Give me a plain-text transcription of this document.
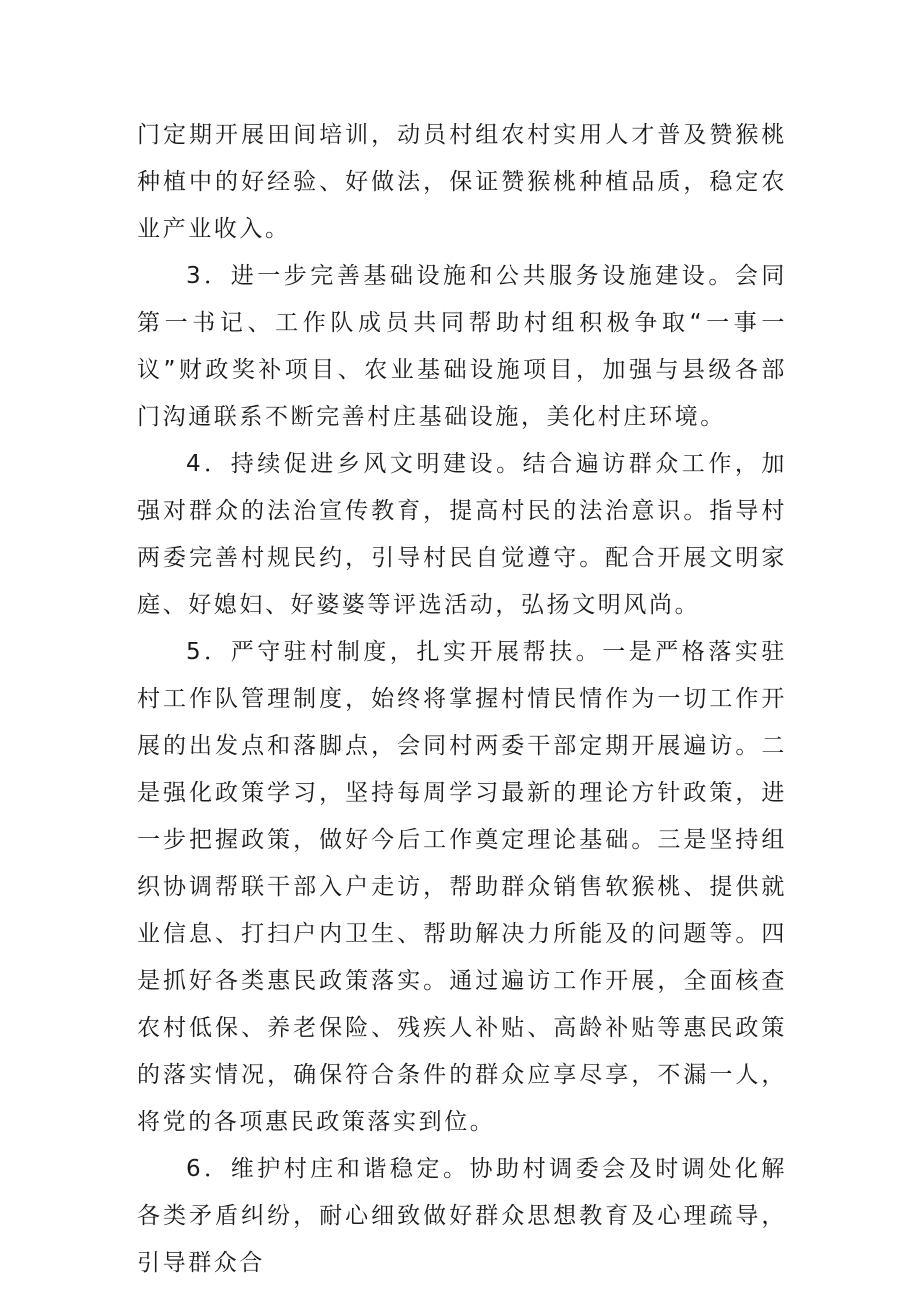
门定期开展田间培训，动员村组农村实用人才普及赞猴桃种植中的好经验、好做法，保证赞猴桃种植品质，稳定农业产业收入。

3．进一步完善基础设施和公共服务设施建设。会同第一书记、工作队成员共同帮助村组积极争取“一事一议”财政奖补项目、农业基础设施项目，加强与县级各部门沟通联系不断完善村庄基础设施，美化村庄环境。

4．持续促进乡风文明建设。结合遍访群众工作，加强对群众的法治宣传教育，提高村民的法治意识。指导村两委完善村规民约，引导村民自觉遵守。配合开展文明家庭、好媳妇、好婆婆等评选活动，弘扬文明风尚。

5．严守驻村制度，扎实开展帮扶。一是严格落实驻村工作队管理制度，始终将掌握村情民情作为一切工作开展的出发点和落脚点，会同村两委干部定期开展遍访。二是强化政策学习，坚持每周学习最新的理论方针政策，进一步把握政策，做好今后工作奠定理论基础。三是坚持组织协调帮联干部入户走访，帮助群众销售软猴桃、提供就业信息、打扫户内卫生、帮助解决力所能及的问题等。四是抓好各类惠民政策落实。通过遍访工作开展，全面核查农村低保、养老保险、残疾人补贴、高龄补贴等惠民政策的落实情况，确保符合条件的群众应享尽享，不漏一人，将党的各项惠民政策落实到位。

6．维护村庄和谐稳定。协助村调委会及时调处化解各类矛盾纠纷，耐心细致做好群众思想教育及心理疏导，引导群众合
